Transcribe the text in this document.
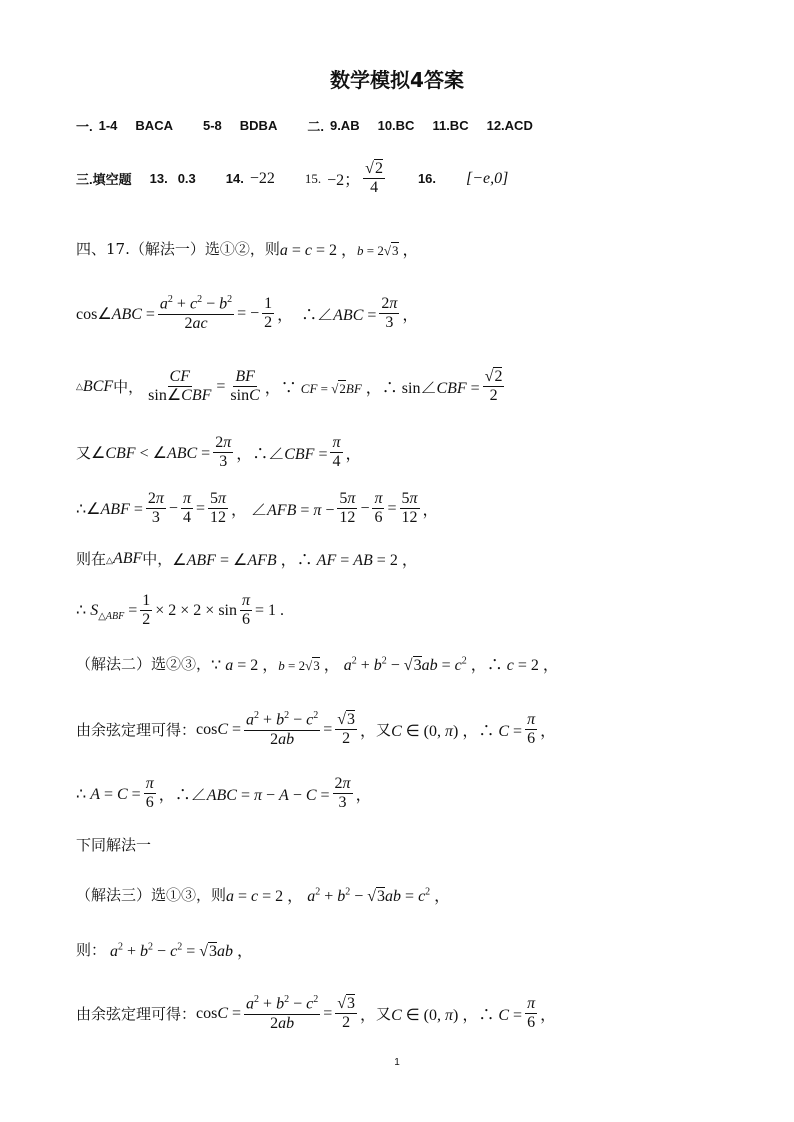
数学模拟4答案
一. 1-4 BACA 5-8 BDBA 二. 9.AB 10.BC 11.BC 12.ACD
三.填空题 13. 0.3 14. −22 15. −2； $\frac{√2}{4}$	16. [−e,0]
四、17.（解法一）选①②，则 a = c = 2 ，b = 2√3 ，
cos∠ABC = $\frac{a^2 + c^2 - b^2}{2ac}$ = − $\frac{1}{2}$ ，  ∴∠ABC = $\frac{2\pi}{3}$ ，
△ BCF 中， $\frac{CF}{\text{sin∠CBF}} = \frac{BF}{\sin C}$ ，∵ CF = √2BF ，∴ sin∠CBF = $\frac{√2}{2}$
又 ∠CBF < ∠ABC = $\frac{2\pi}{3}$ ，∴∠CBF = $\frac{\pi}{4}$ ，
∴∠ABF = $\frac{2\pi}{3} - \frac{\pi}{4} = \frac{5\pi}{12}$ ， ∠AFB = $\pi - \frac{5\pi}{12} - \frac{\pi}{6} = \frac{5\pi}{12}$ ，
则在 △ABF 中， ∠ABF = ∠AFB ，∴ AF = AB = 2 ，
∴ $S_{\triangle ABF} = \frac{1}{2} \times 2 \times 2 \times \sin \frac{\pi}{6} = 1$ .
（解法二）选②③， ∵ a = 2 ，b = 2√3 ， $a^2 + b^2 - √3ab = c^2$ ，∴ c = 2 ，
由余弦定理可得： $\cos C = \frac{a^2 + b^2 - c^2}{2ab} = \frac{√3}{2}$ ， 又 C ∈ (0, π) ，∴ $C = \frac{\pi}{6}$ ，
∴ $A = C = \frac{\pi}{6}$ ，∴∠ABC = $\pi - A - C = \frac{2\pi}{3}$ ，
下同解法一
（解法三）选①③，则 a = c = 2 ， $a^2 + b^2 - √3ab = c^2$ ，
则： $a^2 + b^2 - c^2 = √3ab$ ，
由余弦定理可得： $\cos C = \frac{a^2 + b^2 - c^2}{2ab} = \frac{√3}{2}$ ， 又 C ∈ (0, π) ，∴ $C = \frac{\pi}{6}$ ，
1
